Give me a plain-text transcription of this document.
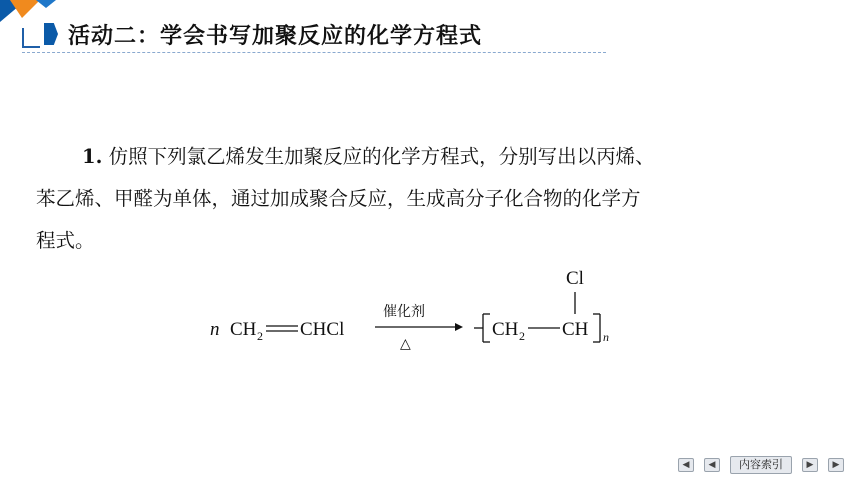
活动二：学会书写加聚反应的化学方程式
1. 仿照下列氯乙烯发生加聚反应的化学方程式，分别写出以丙烯、
苯乙烯、甲醛为单体，通过加成聚合反应，生成高分子化合物的化学方
程式。
n CH 2 CHCl
催化剂
△
CH 2 CH
Cl
n
◀	◀	内容索引	▶	▶
